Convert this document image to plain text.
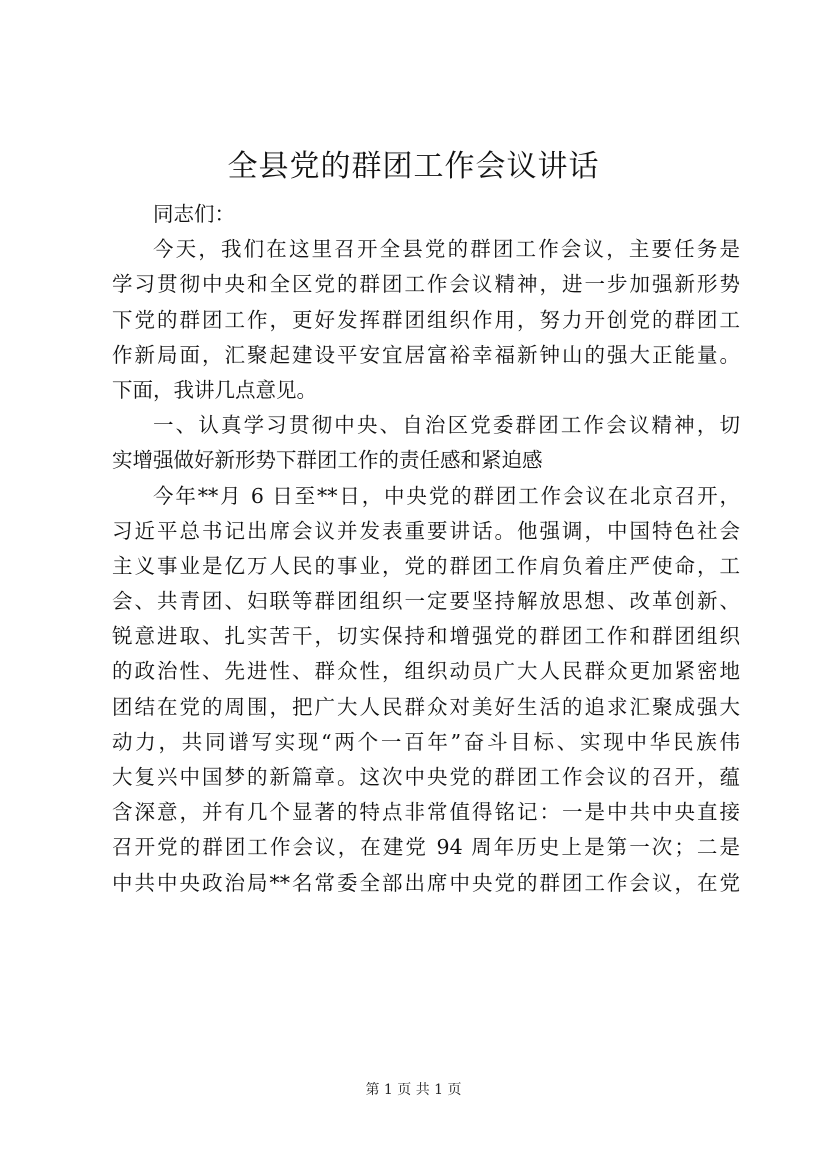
全县党的群团工作会议讲话
同志们：
今天，我们在这里召开全县党的群团工作会议，主要任务是
学习贯彻中央和全区党的群团工作会议精神，进一步加强新形势
下党的群团工作，更好发挥群团组织作用，努力开创党的群团工
作新局面，汇聚起建设平安宜居富裕幸福新钟山的强大正能量。
下面，我讲几点意见。
一、认真学习贯彻中央、自治区党委群团工作会议精神，切
实增强做好新形势下群团工作的责任感和紧迫感
今年**月 6 日至**日，中央党的群团工作会议在北京召开，
习近平总书记出席会议并发表重要讲话。他强调，中国特色社会
主义事业是亿万人民的事业，党的群团工作肩负着庄严使命，工
会、共青团、妇联等群团组织一定要坚持解放思想、改革创新、
锐意进取、扎实苦干，切实保持和增强党的群团工作和群团组织
的政治性、先进性、群众性，组织动员广大人民群众更加紧密地
团结在党的周围，把广大人民群众对美好生活的追求汇聚成强大
动力，共同谱写实现“两个一百年”奋斗目标、实现中华民族伟
大复兴中国梦的新篇章。这次中央党的群团工作会议的召开，蕴
含深意，并有几个显著的特点非常值得铭记：一是中共中央直接
召开党的群团工作会议，在建党 94 周年历史上是第一次；二是
中共中央政治局**名常委全部出席中央党的群团工作会议，在党
第 1 页 共 1 页
